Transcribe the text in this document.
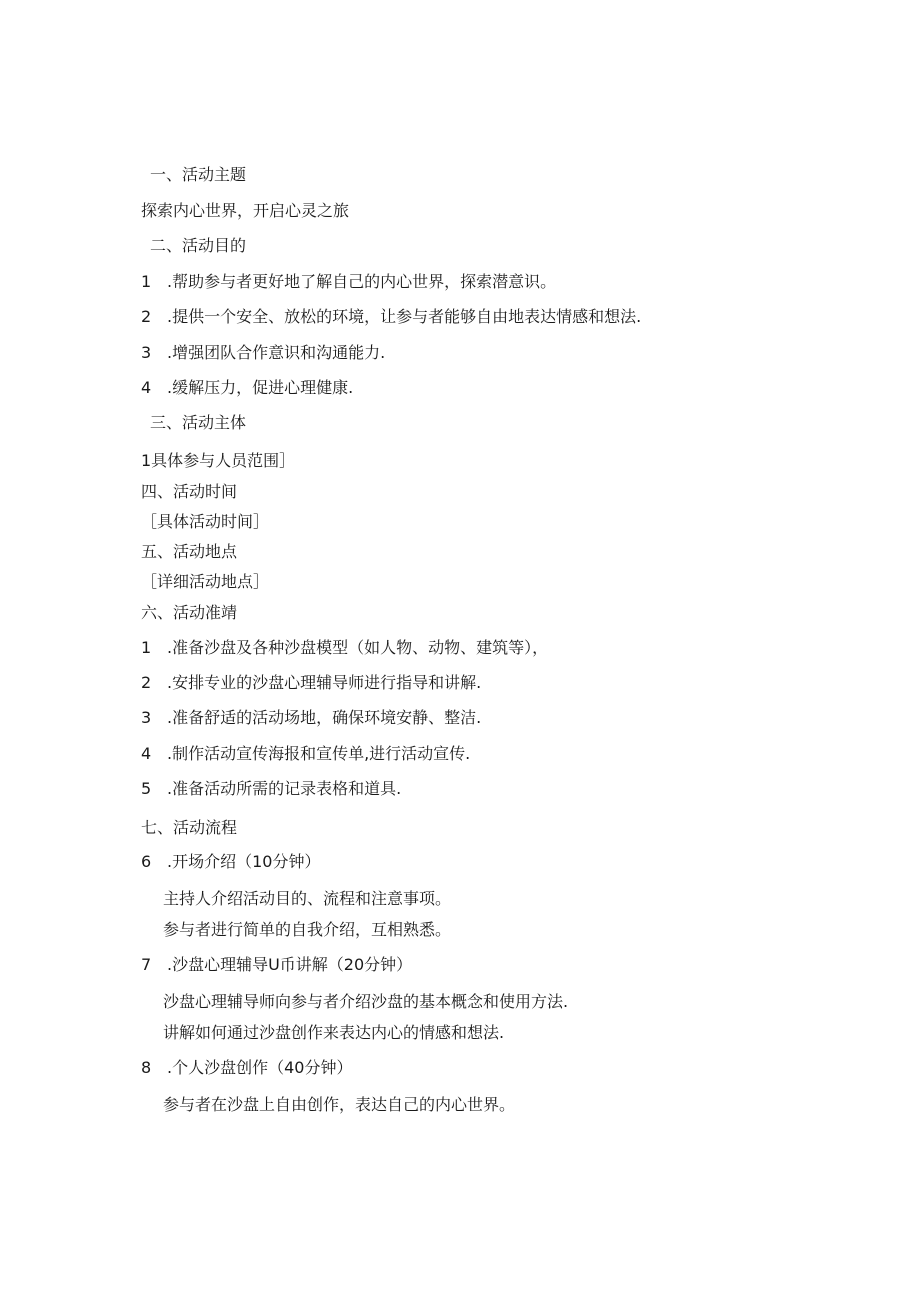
一、活动主题

探索内心世界，开启心灵之旅

二、活动目的

1 .帮助参与者更好地了解自己的内心世界，探索潜意识。

2 .提供一个安全、放松的环境，让参与者能够自由地表达情感和想法.

3 .增强团队合作意识和沟通能力.

4 .缓解压力，促进心理健康.

三、活动主体

1具体参与人员范围］

四、活动时间

［具体活动时间］

五、活动地点

［详细活动地点］

六、活动准靖

1 .准备沙盘及各种沙盘模型（如人物、动物、建筑等），

2 .安排专业的沙盘心理辅导师进行指导和讲解.

3 .准备舒适的活动场地，确保环境安静、整洁.

4 .制作活动宣传海报和宣传单,进行活动宣传.

5 .准备活动所需的记录表格和道具.

七、活动流程

6 .开场介绍（10分钟）

主持人介绍活动目的、流程和注意事项。

参与者进行简单的自我介绍，互相熟悉。

7 .沙盘心理辅导U币讲解（20分钟）

沙盘心理辅导师向参与者介绍沙盘的基本概念和使用方法.

讲解如何通过沙盘创作来表达内心的情感和想法.

8 .个人沙盘创作（40分钟）

参与者在沙盘上自由创作，表达自己的内心世界。
